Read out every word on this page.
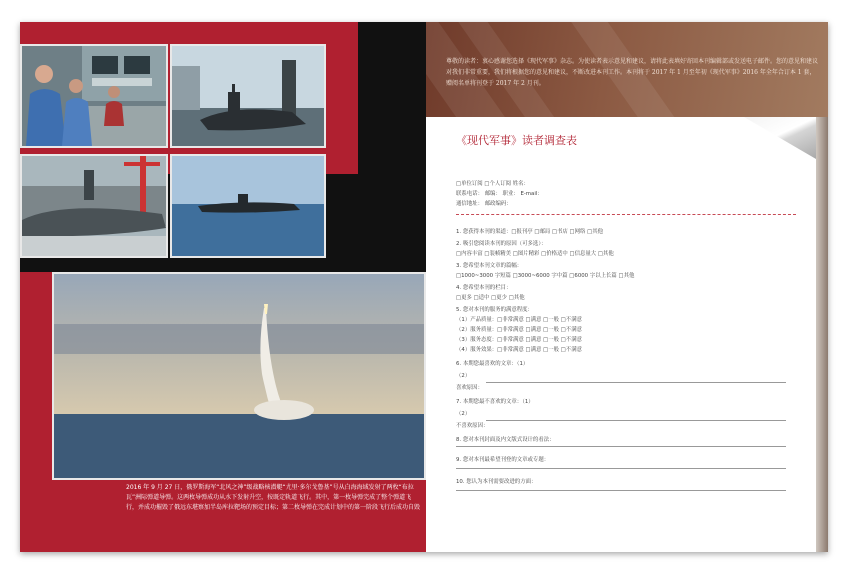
2016 年 9 月 27 日，俄罗斯海军“北风之神”级战略核潜艇“尤里·多尔戈鲁基”号从白海海域发射了两枚“布拉瓦”洲际弹道导弹。这两枚导弹成功从水下发射升空，按既定轨道飞行。其中，第一枚导弹完成了整个弹道飞行，并成功摧毁了俄远东堪察加半岛库拉靶场的预定目标；第二枚导弹在完成计划中的第一阶段飞行后成功自毁
尊敬的读者：衷心感谢您选择《现代军事》杂志。为使读者表示意见和建议，请将此表填好寄回本刊编辑部或发送电子邮件。您的意见和建议对我们非常重要，我们将根据您的意见和建议，不断改进本刊工作。本刊将于 2017 年 1 月至年初《现代军事》2016 年全年合订本 1 套，赠阅名单将刊登于 2017 年 2 月刊。
《现代军事》读者调查表
□单位订阅 □个人订阅 姓名：
联系电话： 邮编： 职业： E-mail：
通信地址： 邮政编码：
1. 您获得本刊的渠道：□报刊亭 □邮局 □书店 □网络 □其他
2. 吸引您阅读本刊的原因（可多选）：
□内容丰富 □装帧精美 □图片精彩 □价格适中 □信息量大 □其他
3. 您希望本刊文章的篇幅：
□1000~3000 字短篇 □3000~6000 字中篇 □6000 字以上长篇 □其他
4. 您希望本刊的栏目：
□更多 □适中 □更少 □其他
5. 您对本刊的服务的满意程度：
（1）产品质量：□非常满意 □满意 □一般 □不满意
（2）服务质量：□非常满意 □满意 □一般 □不满意
（3）服务态度：□非常满意 □满意 □一般 □不满意
（4）服务效果：□非常满意 □满意 □一般 □不满意
6. 本期您最喜欢的文章：（1）
（2）
喜欢原因：
7. 本期您最不喜欢的文章：（1）
（2）
不喜欢原因：
8. 您对本刊封面及内文版式设计的看法：
9. 您对本刊最希望刊登的文章或专题：
10. 您认为本刊需要改进的方面：
